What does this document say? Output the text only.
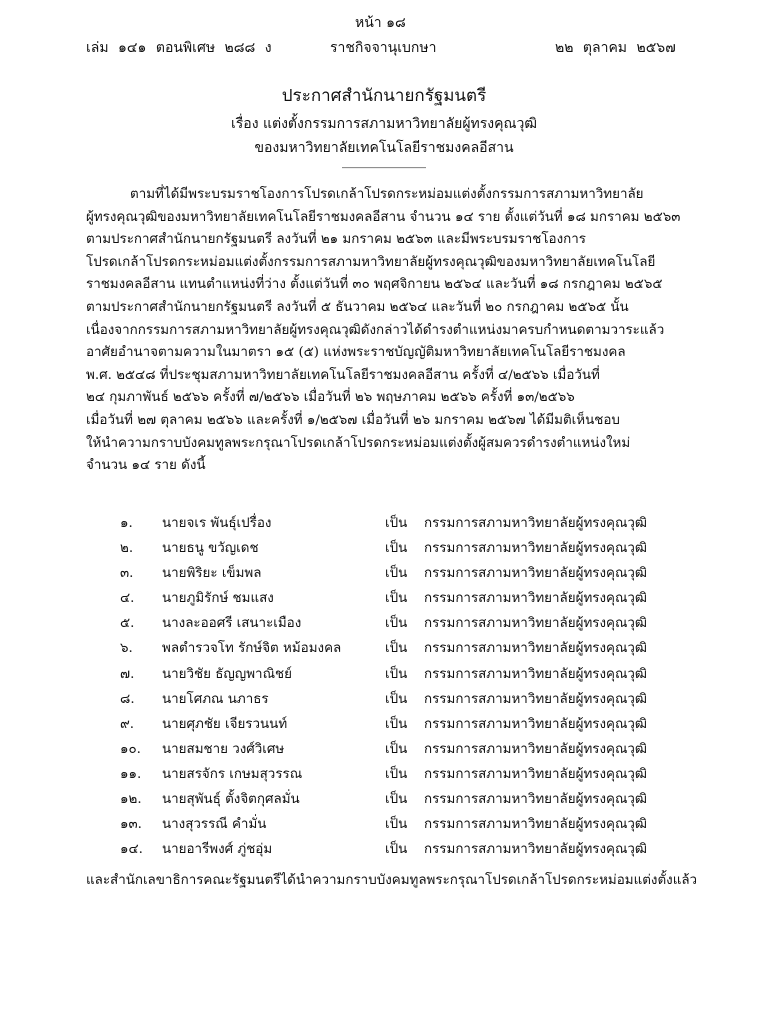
หน้า ๑๘
เล่ม ๑๔๑ ตอนพิเศษ ๒๘๘ ง	ราชกิจจานุเบกษา	๒๒ ตุลาคม ๒๕๖๗
ประกาศสำนักนายกรัฐมนตรี
เรื่อง แต่งตั้งกรรมการสภามหาวิทยาลัยผู้ทรงคุณวุฒิ
ของมหาวิทยาลัยเทคโนโลยีราชมงคลอีสาน
____________

ตามที่ได้มีพระบรมราชโองการโปรดเกล้าโปรดกระหม่อมแต่งตั้งกรรมการสภามหาวิทยาลัย

ผู้ทรงคุณวุฒิของมหาวิทยาลัยเทคโนโลยีราชมงคลอีสาน จำนวน ๑๔ ราย ตั้งแต่วันที่ ๑๘ มกราคม ๒๕๖๓

ตามประกาศสำนักนายกรัฐมนตรี ลงวันที่ ๒๑ มกราคม ๒๕๖๓ และมีพระบรมราชโองการ

โปรดเกล้าโปรดกระหม่อมแต่งตั้งกรรมการสภามหาวิทยาลัยผู้ทรงคุณวุฒิของมหาวิทยาลัยเทคโนโลยี

ราชมงคลอีสาน แทนตำแหน่งที่ว่าง ตั้งแต่วันที่ ๓๐ พฤศจิกายน ๒๕๖๔ และวันที่ ๑๘ กรกฎาคม ๒๕๖๕

ตามประกาศสำนักนายกรัฐมนตรี ลงวันที่ ๕ ธันวาคม ๒๕๖๔ และวันที่ ๒๐ กรกฎาคม ๒๕๖๕ นั้น

เนื่องจากกรรมการสภามหาวิทยาลัยผู้ทรงคุณวุฒิดังกล่าวได้ดำรงตำแหน่งมาครบกำหนดตามวาระแล้ว

อาศัยอำนาจตามความในมาตรา ๑๕ (๕) แห่งพระราชบัญญัติมหาวิทยาลัยเทคโนโลยีราชมงคล

พ.ศ. ๒๕๔๘ ที่ประชุมสภามหาวิทยาลัยเทคโนโลยีราชมงคลอีสาน ครั้งที่ ๔/๒๕๖๖ เมื่อวันที่

๒๔ กุมภาพันธ์ ๒๕๖๖ ครั้งที่ ๗/๒๕๖๖ เมื่อวันที่ ๒๖ พฤษภาคม ๒๕๖๖ ครั้งที่ ๑๓/๒๕๖๖

เมื่อวันที่ ๒๗ ตุลาคม ๒๕๖๖ และครั้งที่ ๑/๒๕๖๗ เมื่อวันที่ ๒๖ มกราคม ๒๕๖๗ ได้มีมติเห็นชอบ

ให้นำความกราบบังคมทูลพระกรุณาโปรดเกล้าโปรดกระหม่อมแต่งตั้งผู้สมควรดำรงตำแหน่งใหม่

จำนวน ๑๔ ราย ดังนี้

๑.	นายจเร พันธุ์เปรื่อง	เป็น กรรมการสภามหาวิทยาลัยผู้ทรงคุณวุฒิ
๒.	นายธนู ขวัญเดช	เป็น กรรมการสภามหาวิทยาลัยผู้ทรงคุณวุฒิ
๓.	นายพิริยะ เข็มพล	เป็น กรรมการสภามหาวิทยาลัยผู้ทรงคุณวุฒิ
๔.	นายภูมิรักษ์ ชมแสง	เป็น กรรมการสภามหาวิทยาลัยผู้ทรงคุณวุฒิ
๕.	นางละออศรี เสนาะเมือง	เป็น กรรมการสภามหาวิทยาลัยผู้ทรงคุณวุฒิ
๖.	พลตำรวจโท รักษ์จิต หม้อมงคล	เป็น กรรมการสภามหาวิทยาลัยผู้ทรงคุณวุฒิ
๗.	นายวิชัย ธัญญพาณิชย์	เป็น กรรมการสภามหาวิทยาลัยผู้ทรงคุณวุฒิ
๘.	นายโศภณ นภาธร	เป็น กรรมการสภามหาวิทยาลัยผู้ทรงคุณวุฒิ
๙.	นายศุภชัย เจียรวนนท์	เป็น กรรมการสภามหาวิทยาลัยผู้ทรงคุณวุฒิ
๑๐.	นายสมชาย วงศ์วิเศษ	เป็น กรรมการสภามหาวิทยาลัยผู้ทรงคุณวุฒิ
๑๑.	นายสรจักร เกษมสุวรรณ	เป็น กรรมการสภามหาวิทยาลัยผู้ทรงคุณวุฒิ
๑๒.	นายสุพันธุ์ ตั้งจิตกุศลมั่น	เป็น กรรมการสภามหาวิทยาลัยผู้ทรงคุณวุฒิ
๑๓.	นางสุวรรณี คำมั่น	เป็น กรรมการสภามหาวิทยาลัยผู้ทรงคุณวุฒิ
๑๔.	นายอารีพงศ์ ภู่ชอุ่ม	เป็น กรรมการสภามหาวิทยาลัยผู้ทรงคุณวุฒิ
และสำนักเลขาธิการคณะรัฐมนตรีได้นำความกราบบังคมทูลพระกรุณาโปรดเกล้าโปรดกระหม่อมแต่งตั้งแล้ว
